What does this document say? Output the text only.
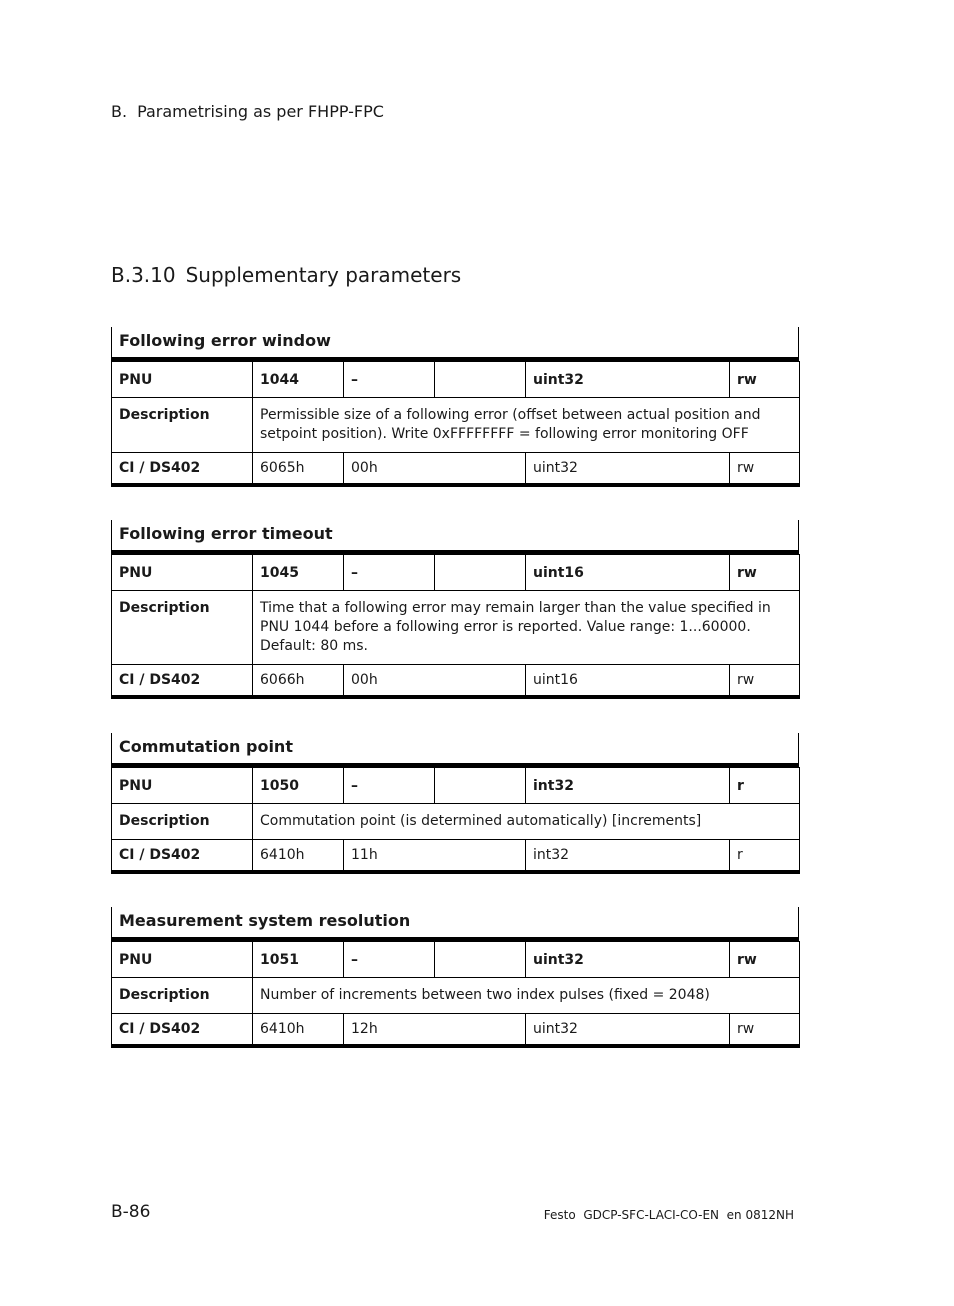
B. Parametrising as per FHPP-FPC
B.3.10 Supplementary parameters
Following error window
PNU	1044	–		uint32	rw
Description	Permissible size of a following error (offset between actual position and setpoint position). Write 0xFFFFFFFF = following error monitoring OFF				
CI / DS402	6065h	00h		uint32	rw
Following error timeout
PNU	1045	–		uint16	rw
Description	Time that a following error may remain larger than the value specified in PNU 1044 before a following error is reported. Value range: 1...60000. Default: 80 ms.				
CI / DS402	6066h	00h		uint16	rw
Commutation point
PNU	1050	–		int32	r
Description	Commutation point (is determined automatically) [increments]				
CI / DS402	6410h	11h		int32	r
Measurement system resolution
PNU	1051	–		uint32	rw
Description	Number of increments between two index pulses (fixed = 2048)				
CI / DS402	6410h	12h		uint32	rw
B-86	Festo  GDCP-SFC-LACI-CO-EN  en 0812NH
